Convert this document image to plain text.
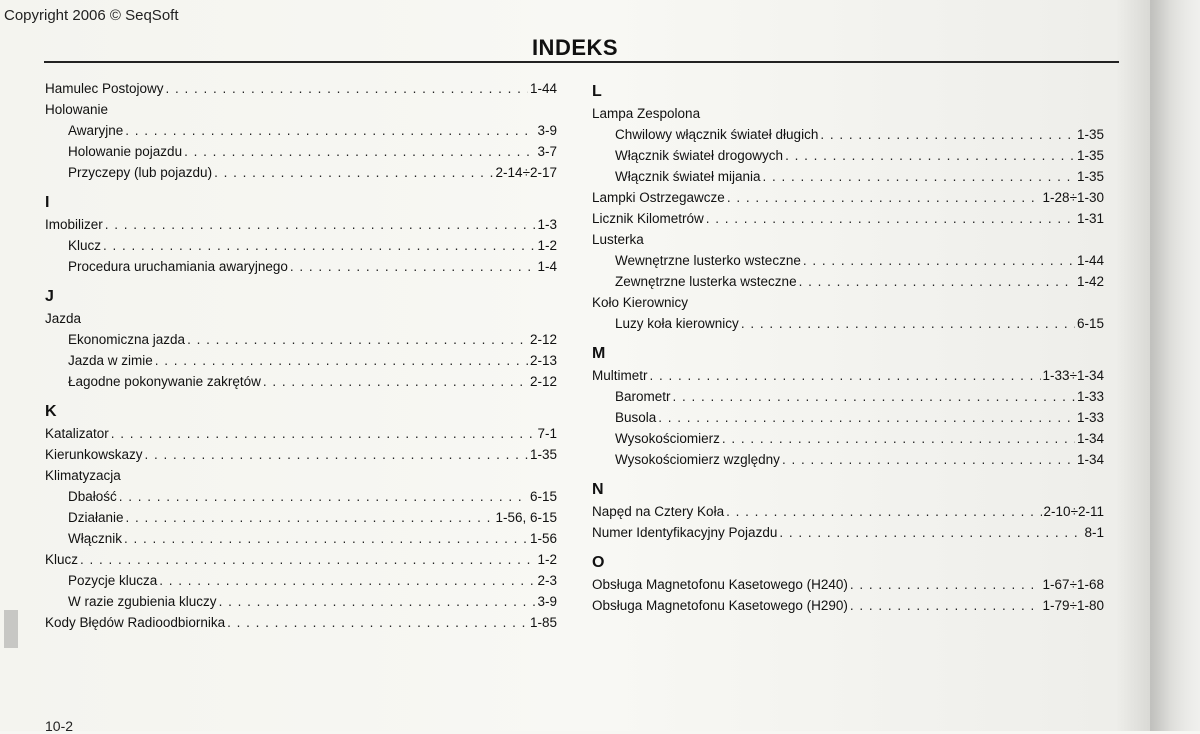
Copyright 2006 © SeqSoft
INDEKS
Hamulec Postojowy . . .	1-44
Holowanie
Awaryjne . . .	3-9
Holowanie pojazdu . . .	3-7
Przyczepy (lub pojazdu) . . .	2-14÷2-17
I
Imobilizer . . .	1-3
Klucz . . .	1-2
Procedura uruchamiania awaryjnego . . .	1-4
J
Jazda
Ekonomiczna jazda . . .	2-12
Jazda w zimie . . .	2-13
Łagodne pokonywanie zakrętów . . .	2-12
K
Katalizator . . .	7-1
Kierunkowskazy . . .	1-35
Klimatyzacja
Dbałość . . .	6-15
Działanie . . .	1-56, 6-15
Włącznik . . .	1-56
Klucz . . .	1-2
Pozycje klucza . . .	2-3
W razie zgubienia kluczy . . .	3-9
Kody Błędów Radioodbiornika . . .	1-85
L
Lampa Zespolona
Chwilowy włącznik świateł długich . . .	1-35
Włącznik świateł drogowych . . .	1-35
Włącznik świateł mijania . . .	1-35
Lampki Ostrzegawcze . . .	1-28÷1-30
Licznik Kilometrów . . .	1-31
Lusterka
Wewnętrzne lusterko wsteczne . . .	1-44
Zewnętrzne lusterka wsteczne . . .	1-42
Koło Kierownicy
Luzy koła kierownicy . . .	6-15
M
Multimetr . . .	1-33÷1-34
Barometr . . .	1-33
Busola . . .	1-33
Wysokościomierz . . .	1-34
Wysokościomierz względny . . .	1-34
N
Napęd na Cztery Koła . . .	2-10÷2-11
Numer Identyfikacyjny Pojazdu . . .	8-1
O
Obsługa Magnetofonu Kasetowego (H240) . . .	1-67÷1-68
Obsługa Magnetofonu Kasetowego (H290) . . .	1-79÷1-80
10-2
